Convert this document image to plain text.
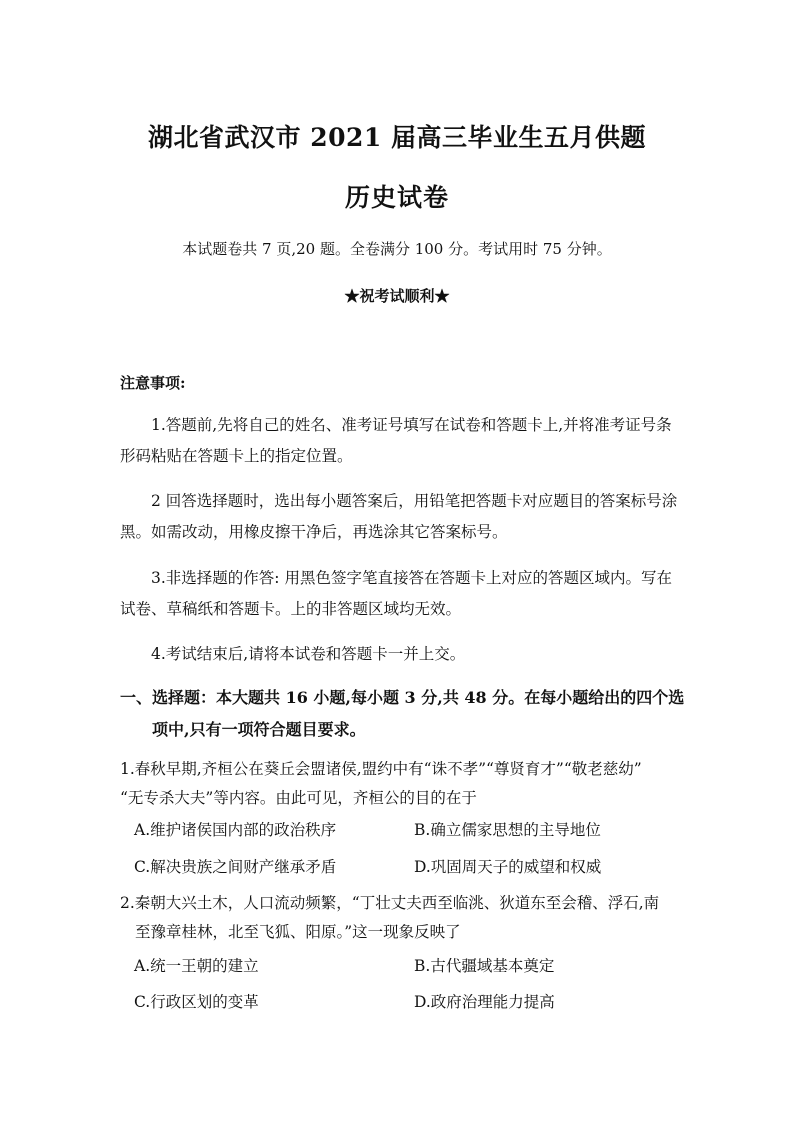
湖北省武汉市 2021 届高三毕业生五月供题
历史试卷
本试题卷共 7 页,20 题。全卷满分 100 分。考试用时 75 分钟。
★祝考试顺利★
注意事项:

1.答题前,先将自己的姓名、准考证号填写在试卷和答题卡上,并将准考证号条形码粘贴在答题卡上的指定位置。

2 回答选择题时，选出每小题答案后，用铅笔把答题卡对应题目的答案标号涂黑。如需改动，用橡皮擦干净后，再选涂其它答案标号。

3.非选择题的作答: 用黑色签字笔直接答在答题卡上对应的答题区域内。写在试卷、草稿纸和答题卡。上的非答题区域均无效。

4.考试结束后,请将本试卷和答题卡一并上交。

一、选择题：本大题共 16 小题,每小题 3 分,共 48 分。在每小题给出的四个选
项中,只有一项符合题目要求。
1.春秋早期,齐桓公在葵丘会盟诸侯,盟约中有“诛不孝”“尊贤育才”“敬老慈幼”
“无专杀大夫”等内容。由此可见，齐桓公的目的在于
A.维护诸侯国内部的政治秩序	B.确立儒家思想的主导地位
C.解决贵族之间财产继承矛盾	D.巩固周天子的威望和权威
2.秦朝大兴土木，人口流动频繁，“丁壮丈夫西至临洮、狄道东至会稽、浮石,南
至豫章桂林，北至飞狐、阳原。”这一现象反映了
A.统一王朝的建立	B.古代疆域基本奠定
C.行政区划的变革	D.政府治理能力提高
